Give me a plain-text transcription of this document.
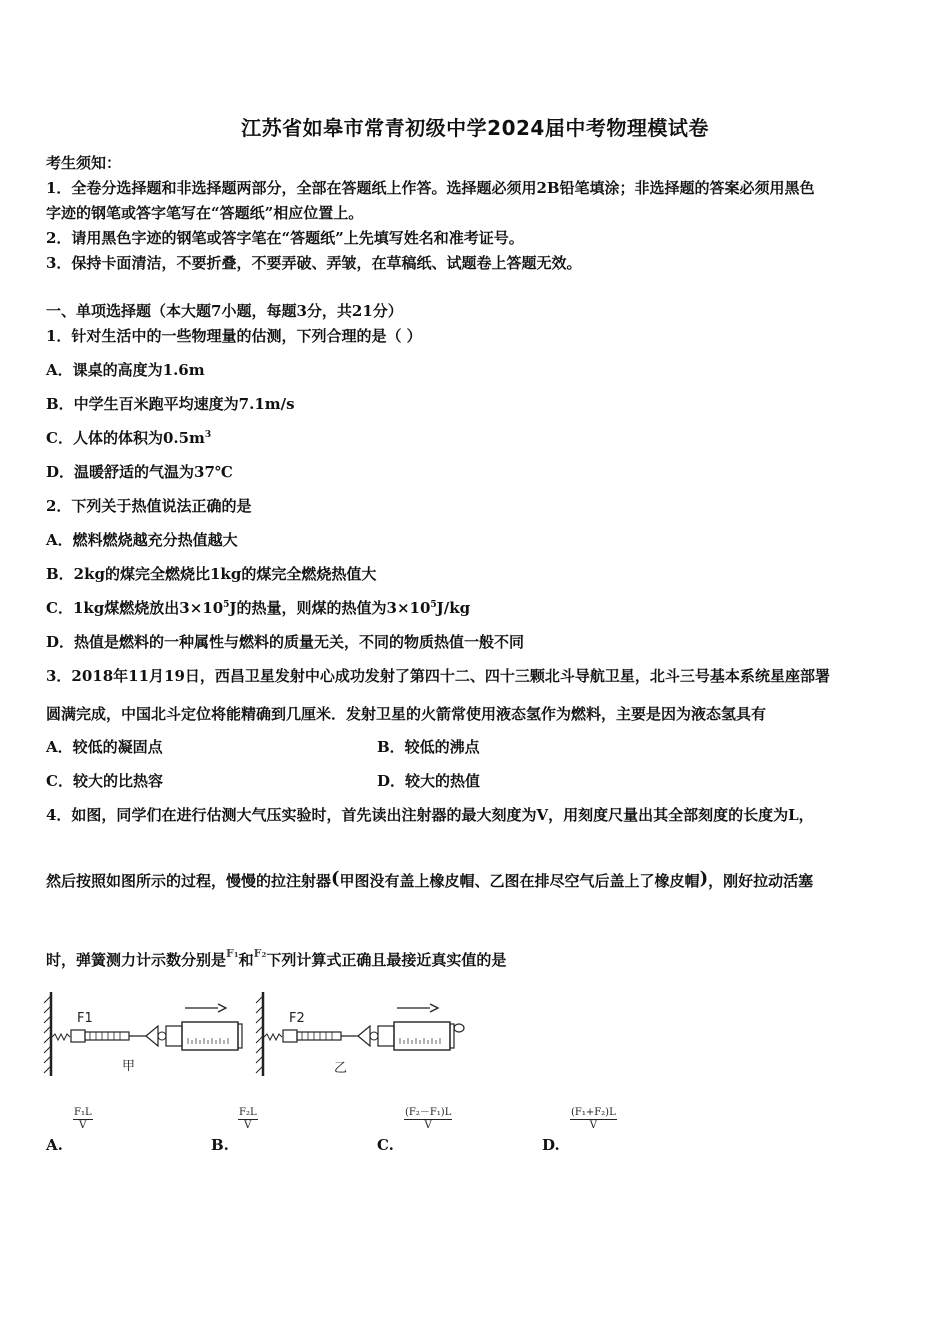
江苏省如皋市常青初级中学2024届中考物理模试卷
考生须知：
1．全卷分选择题和非选择题两部分，全部在答题纸上作答。选择题必须用2B铅笔填涂；非选择题的答案必须用黑色
字迹的钢笔或答字笔写在“答题纸”相应位置上。
2．请用黑色字迹的钢笔或答字笔在“答题纸”上先填写姓名和准考证号。
3．保持卡面清洁，不要折叠，不要弄破、弄皱，在草稿纸、试题卷上答题无效。
一、单项选择题（本大题7小题，每题3分，共21分）
1．针对生活中的一些物理量的估测，下列合理的是（ ）
A．课桌的高度为1.6m
B．中学生百米跑平均速度为7.1m/s
C．人体的体积为$0.5m^3$
D．温暖舒适的气温为37℃
2．下列关于热值说法正确的是
A．燃料燃烧越充分热值越大
B．2kg的煤完全燃烧比1kg的煤完全燃烧热值大
C．1kg煤燃烧放出$3\times 10^5J$的热量，则煤的热值为$3\times 10^5J/kg$
D．热值是燃料的一种属性与燃料的质量无关，不同的物质热值一般不同
3．2018年11月19日，西昌卫星发射中心成功发射了第四十二、四十三颗北斗导航卫星，北斗三号基本系统星座部署
圆满完成，中国北斗定位将能精确到几厘米．发射卫星的火箭常使用液态氢作为燃料，主要是因为液态氢具有
A．较低的凝固点	B．较低的沸点
C．较大的比热容	D．较大的热值
4．如图，同学们在进行估测大气压实验时，首先读出注射器的最大刻度为V，用刻度尺量出其全部刻度的长度为L，
然后按照如图所示的过程，慢慢的拉注射器(甲图没有盖上橡皮帽、乙图在排尽空气后盖上了橡皮帽)，刚好拉动活塞
时，弹簧测力计示数分别是$^{F_1}$和$^{F_2}$下列计算式正确且最接近真实值的是
F1
甲
F2
乙
A.
$\frac{\text{F₁L}}{V}$
B.
$\frac{\text{F₂L}}{V}$
C.
$\frac{\text{(F₂－F₁)L}}{V}$
D.
$\frac{\text{(F₁+F₂)L}}{V}$
